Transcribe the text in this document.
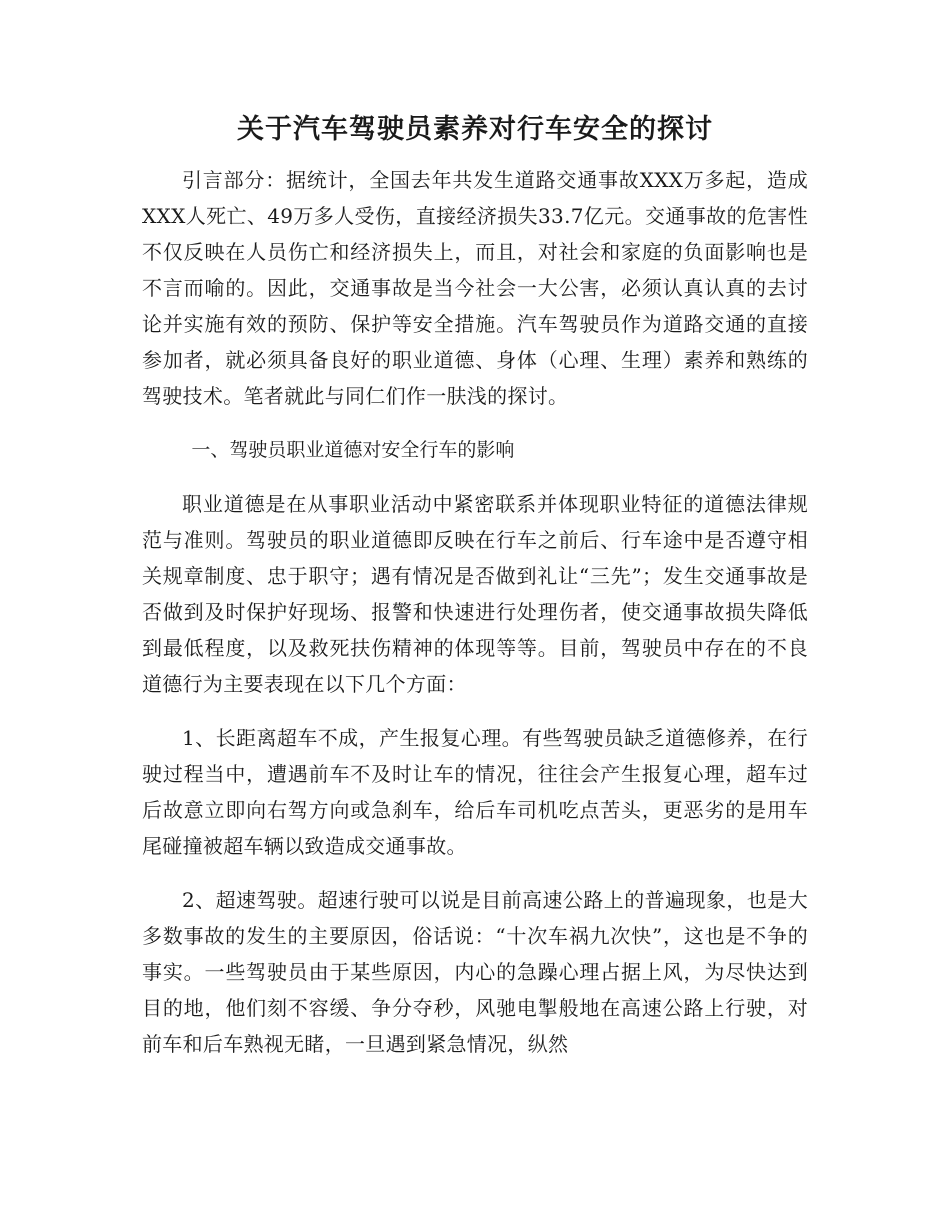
关于汽车驾驶员素养对行车安全的探讨

引言部分：据统计，全国去年共发生道路交通事故XXX万多起，造成XXX人死亡、49万多人受伤，直接经济损失33.7亿元。交通事故的危害性不仅反映在人员伤亡和经济损失上，而且，对社会和家庭的负面影响也是不言而喻的。因此，交通事故是当今社会一大公害，必须认真认真的去讨论并实施有效的预防、保护等安全措施。汽车驾驶员作为道路交通的直接参加者，就必须具备良好的职业道德、身体（心理、生理）素养和熟练的驾驶技术。笔者就此与同仁们作一肤浅的探讨。

一、驾驶员职业道德对安全行车的影响

职业道德是在从事职业活动中紧密联系并体现职业特征的道德法律规范与准则。驾驶员的职业道德即反映在行车之前后、行车途中是否遵守相关规章制度、忠于职守；遇有情况是否做到礼让“三先”；发生交通事故是否做到及时保护好现场、报警和快速进行处理伤者，使交通事故损失降低到最低程度，以及救死扶伤精神的体现等等。目前，驾驶员中存在的不良道德行为主要表现在以下几个方面：

1、长距离超车不成，产生报复心理。有些驾驶员缺乏道德修养，在行驶过程当中，遭遇前车不及时让车的情况，往往会产生报复心理，超车过后故意立即向右驾方向或急刹车，给后车司机吃点苦头，更恶劣的是用车尾碰撞被超车辆以致造成交通事故。

2、超速驾驶。超速行驶可以说是目前高速公路上的普遍现象，也是大多数事故的发生的主要原因，俗话说：“十次车祸九次快”，这也是不争的事实。一些驾驶员由于某些原因，内心的急躁心理占据上风，为尽快达到目的地，他们刻不容缓、争分夺秒，风驰电掣般地在高速公路上行驶，对前车和后车熟视无睹，一旦遇到紧急情况，纵然
